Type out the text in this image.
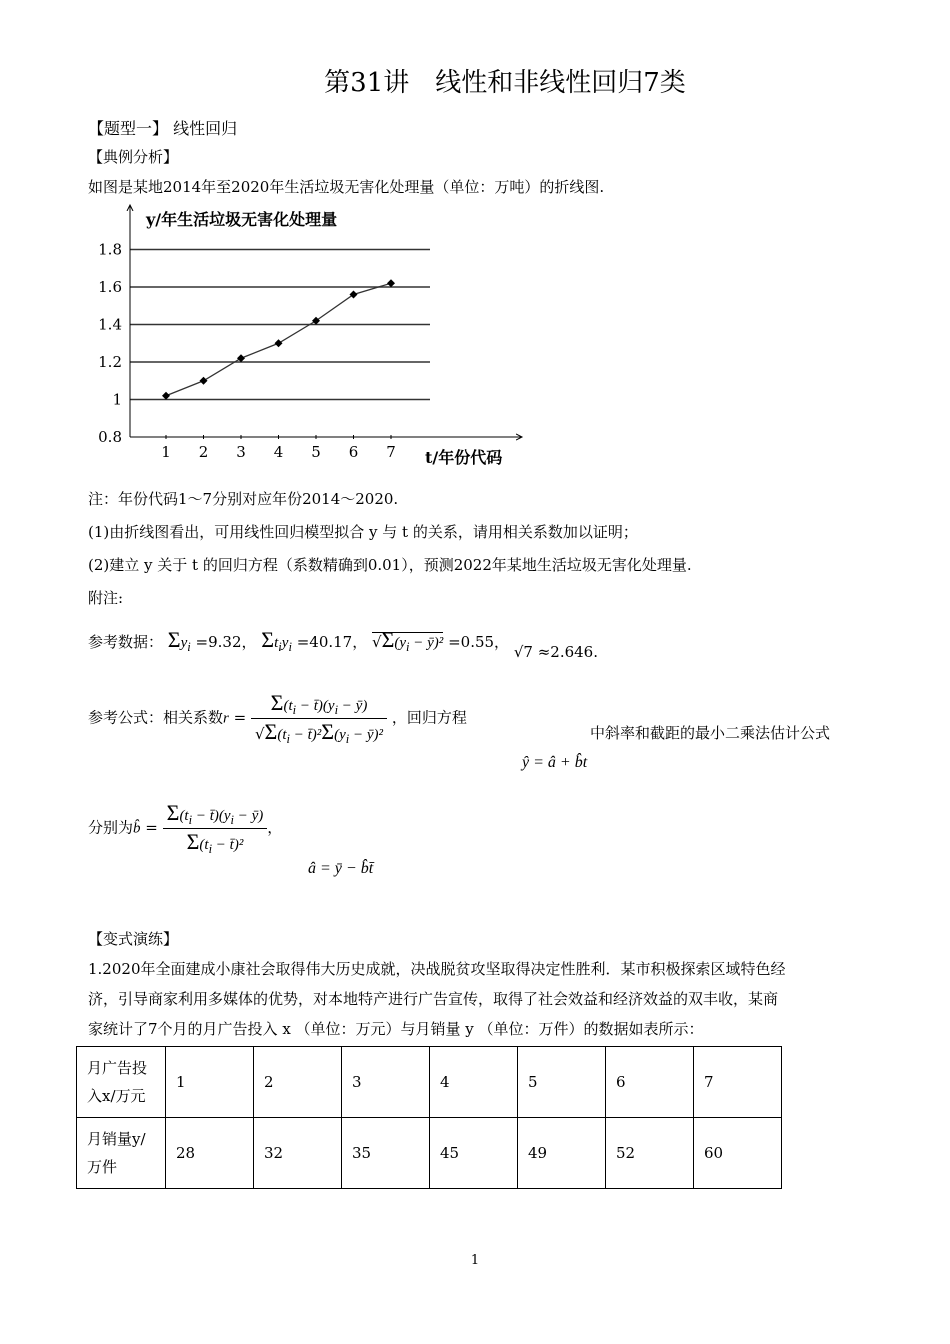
第31讲　线性和非线性回归7类
【题型一】 线性回归
【典例分析】
如图是某地2014年至2020年生活垃圾无害化处理量（单位：万吨）的折线图.
0.8
1
1.2
1.4
1.6
1.8
1 2 3 4 5 6 7
y/年生活垃圾无害化处理量
t/年份代码
注：年份代码1～7分别对应年份2014～2020.
(1)由折线图看出，可用线性回归模型拟合 y 与 t 的关系，请用相关系数加以证明；
(2)建立 y 关于 t 的回归方程（系数精确到0.01），预测2022年某地生活垃圾无害化处理量.
附注:
参考数据： $\Sigma y_i =9.32$， $\Sigma t_iy_i =40.17$， $√\Sigma(y_i$ − ȳ)² =0.55， √7 ≈2.646.
参考公式：相关系数$r = \frac{\Sigma(t_i - t̄)(y_i - ȳ)}{√\Sigma(t_i - t̄)^2\Sigma(y_i - ȳ)^2}$ ，回归方程
中斜率和截距的最小二乘法估计公式
ŷ = â + b̂t
分别为b̂ = $\frac{\Sigma(t_i - t̄)(y_i - ȳ)}{\Sigma(t_i - t̄)^2}$ ，
â = ȳ − b̂t̄
【变式演练】
1.2020年全面建成小康社会取得伟大历史成就，决战脱贫攻坚取得决定性胜利．某市积极探索区域特色经
济，引导商家利用多媒体的优势，对本地特产进行广告宣传，取得了社会效益和经济效益的双丰收，某商
家统计了7个月的月广告投入 x （单位：万元）与月销量 y （单位：万件）的数据如表所示：
月广告投入x/万元	1	2	3	4	5	6	7
月销量y/万件	28	32	35	45	49	52	60
1
